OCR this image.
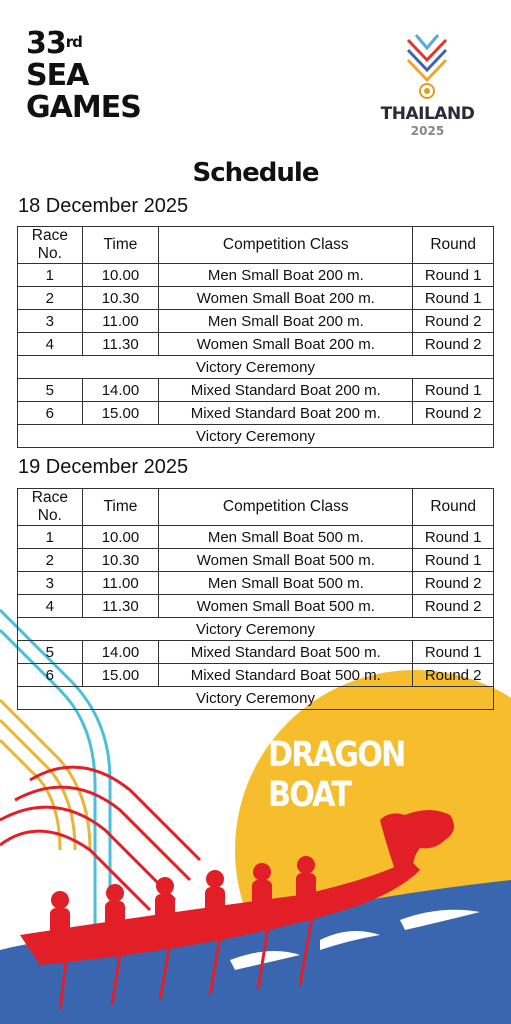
33rd
SEA
GAMES	THAILAND
2025
Schedule
18 December 2025
Race No.	Time	Competition Class	Round
1	10.00	Men Small Boat 200 m.	Round 1
2	10.30	Women Small Boat 200 m.	Round 1
3	11.00	Men Small Boat 200 m.	Round 2
4	11.30	Women Small Boat 200 m.	Round 2
Victory Ceremony			
5	14.00	Mixed Standard Boat 200 m.	Round 1
6	15.00	Mixed Standard Boat 200 m.	Round 2
Victory Ceremony			
19 December 2025
Race No.	Time	Competition Class	Round
1	10.00	Men Small Boat 500 m.	Round 1
2	10.30	Women Small Boat 500 m.	Round 1
3	11.00	Men Small Boat 500 m.	Round 2
4	11.30	Women Small Boat 500 m.	Round 2
Victory Ceremony			
5	14.00	Mixed Standard Boat 500 m.	Round 1
6	15.00	Mixed Standard Boat 500 m.	Round 2
Victory Ceremony			
DRAGON BOAT
